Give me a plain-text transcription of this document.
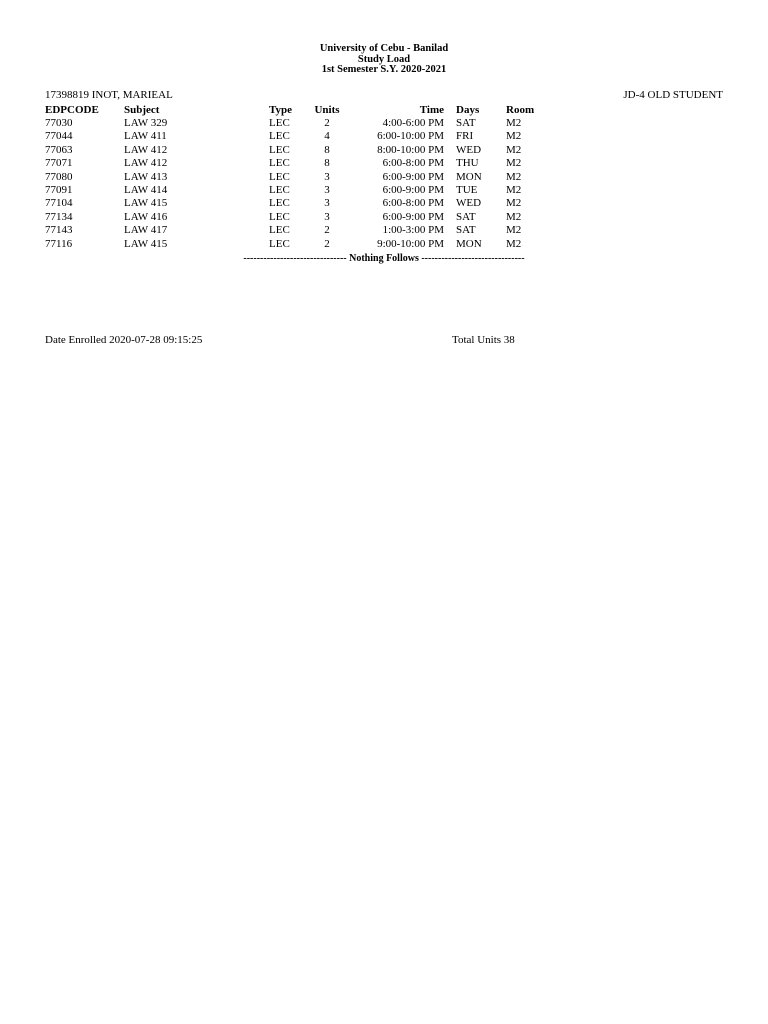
University of Cebu - Banilad
Study Load
1st Semester S.Y. 2020-2021
17398819 INOT, MARIEAL	JD-4 OLD STUDENT
EDPCODE	Subject	Type	Units	Time		Days	Room
77030	LAW 329	LEC	2	4:00-6:00 PM		SAT	M2
77044	LAW 411	LEC	4	6:00-10:00 PM		FRI	M2
77063	LAW 412	LEC	8	8:00-10:00 PM		WED	M2
77071	LAW 412	LEC	8	6:00-8:00 PM		THU	M2
77080	LAW 413	LEC	3	6:00-9:00 PM		MON	M2
77091	LAW 414	LEC	3	6:00-9:00 PM		TUE	M2
77104	LAW 415	LEC	3	6:00-8:00 PM		WED	M2
77134	LAW 416	LEC	3	6:00-9:00 PM		SAT	M2
77143	LAW 417	LEC	2	1:00-3:00 PM		SAT	M2
77116	LAW 415	LEC	2	9:00-10:00 PM		MON	M2
------------------------------- Nothing Follows -------------------------------
Date Enrolled 2020-07-28 09:15:25	Total Units 38
